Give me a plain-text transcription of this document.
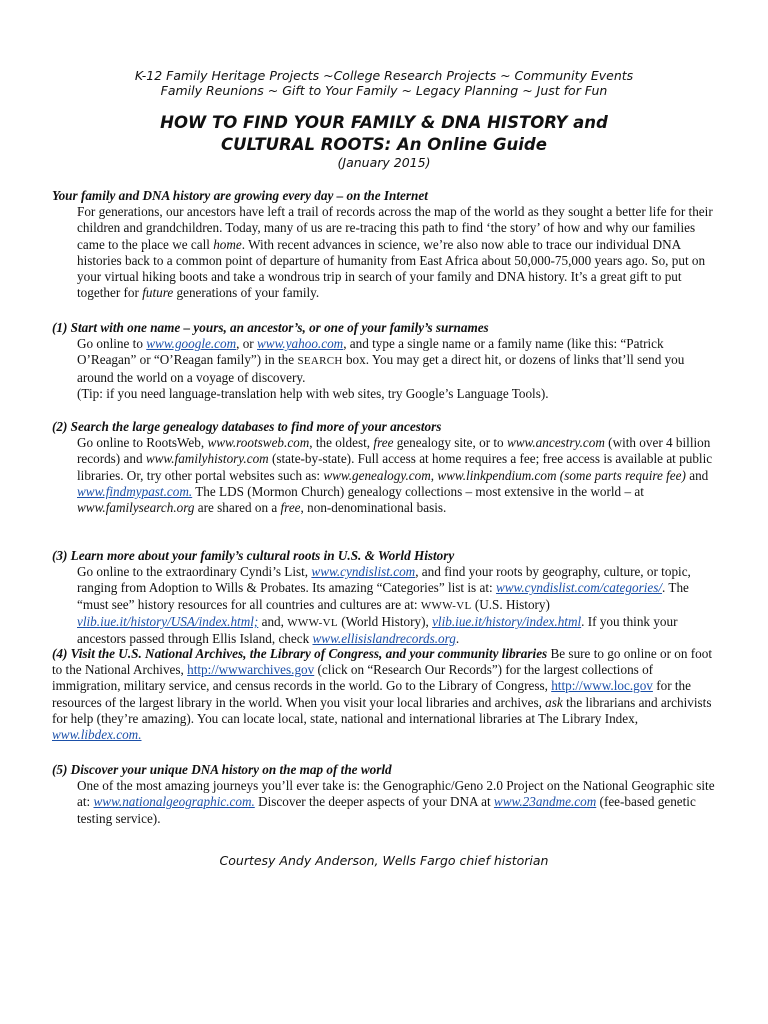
K-12 Family Heritage Projects ~College Research Projects ~ Community Events
Family Reunions ~ Gift to Your Family ~ Legacy Planning ~ Just for Fun
HOW TO FIND YOUR FAMILY & DNA HISTORY and
CULTURAL ROOTS: An Online Guide
(January 2015)
Your family and DNA history are growing every day – on the Internet
For generations, our ancestors have left a trail of records across the map of the world as they sought a better life for their children and grandchildren. Today, many of us are re-tracing this path to find ‘the story’ of how and why our families came to the place we call home. With recent advances in science, we’re also now able to trace our individual DNA histories back to a common point of departure of humanity from East Africa about 50,000-75,000 years ago. So, put on your virtual hiking boots and take a wondrous trip in search of your family and DNA history. It’s a great gift to put together for future generations of your family.
(1) Start with one name – yours, an ancestor’s, or one of your family’s surnames
Go online to www.google.com, or www.yahoo.com, and type a single name or a family name (like this: “Patrick O’Reagan” or “O’Reagan family”) in the SEARCH box. You may get a direct hit, or dozens of links that’ll send you around the world on a voyage of discovery.
(Tip: if you need language-translation help with web sites, try Google’s Language Tools).
(2) Search the large genealogy databases to find more of your ancestors
Go online to RootsWeb, www.rootsweb.com, the oldest, free genealogy site, or to www.ancestry.com (with over 4 billion records) and www.familyhistory.com (state-by-state). Full access at home requires a fee; free access is available at public libraries. Or, try other portal websites such as: www.genealogy.com, www.linkpendium.com (some parts require fee) and www.findmypast.com. The LDS (Mormon Church) genealogy collections – most extensive in the world – at www.familysearch.org are shared on a free, non-denominational basis.
(3) Learn more about your family’s cultural roots in U.S. & World History
Go online to the extraordinary Cyndi’s List, www.cyndislist.com, and find your roots by geography, culture, or topic, ranging from Adoption to Wills & Probates. Its amazing “Categories” list is at: www.cyndislist.com/categories/. The “must see” history resources for all countries and cultures are at: WWW-VL (U.S. History) vlib.iue.it/history/USA/index.html; and, WWW-VL (World History), vlib.iue.it/history/index.html. If you think your ancestors passed through Ellis Island, check www.ellisislandrecords.org.
(4) Visit the U.S. National Archives, the Library of Congress, and your community libraries Be sure to go online or on foot to the National Archives, http://wwwarchives.gov (click on “Research Our Records”) for the largest collections of immigration, military service, and census records in the world. Go to the Library of Congress, http://www.loc.gov for the resources of the largest library in the world. When you visit your local libraries and archives, ask the librarians and archivists for help (they’re amazing). You can locate local, state, national and international libraries at The Library Index, www.libdex.com.
(5) Discover your unique DNA history on the map of the world
One of the most amazing journeys you’ll ever take is: the Genographic/Geno 2.0 Project on the National Geographic site at: www.nationalgeographic.com. Discover the deeper aspects of your DNA at www.23andme.com (fee-based genetic testing service).
Courtesy Andy Anderson, Wells Fargo chief historian
